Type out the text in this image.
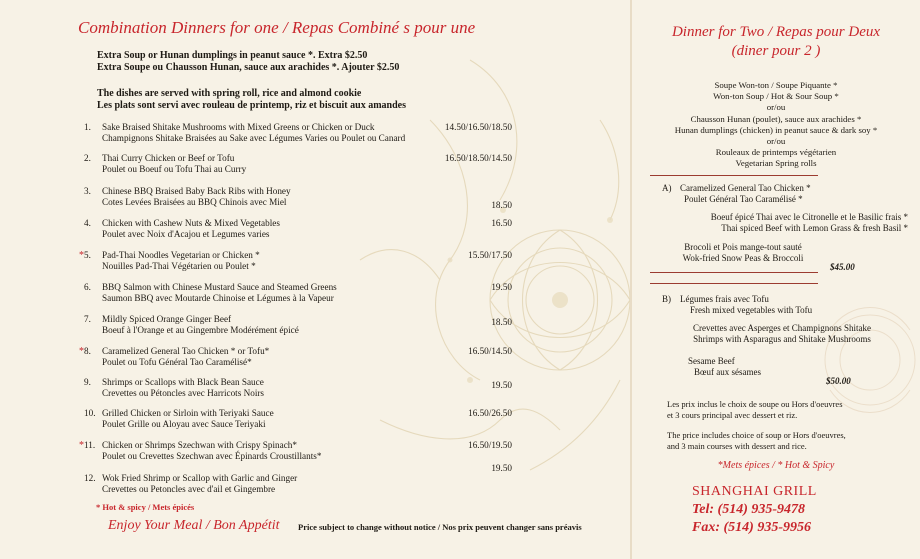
Combination Dinners for one / Repas Combiné s pour une
Extra Soup or Hunan dumplings in peanut sauce *. Extra $2.50
Extra Soupe ou Chausson Hunan, sauce aux arachides *. Ajouter $2.50
The dishes are served with spring roll, rice and almond cookie
Les plats sont servi avec rouleau de printemp, riz et biscuit aux amandes
1. Sake Braised Shitake Mushrooms with Mixed Greens or Chicken or Duck
Champignons Shitake Braisées au Sake avec Légumes Varies ou Poulet ou Canard
14.50/16.50/18.50
2. Thai Curry Chicken or Beef or Tofu
Poulet ou Boeuf ou Tofu Thai au Curry
16.50/18.50/14.50
3. Chinese BBQ Braised Baby Back Ribs with Honey
Cotes Levées Braisées au BBQ Chinois avec Miel	18.50
4. Chicken with Cashew Nuts & Mixed Vegetables
Poulet avec Noix d'Acajou et Legumes varies
16.50
* 5. Pad-Thai Noodles Vegetarian or Chicken *
Nouilles Pad-Thai Végétarien ou Poulet *
15.50/17.50
6. BBQ Salmon with Chinese Mustard Sauce and Steamed Greens
Saumon BBQ avec Moutarde Chinoise et Légumes à la Vapeur
19.50
7. Mildly Spiced Orange Ginger Beef
Boeuf à l'Orange et au Gingembre Modérément épicé
18.50
* 8. Caramelized General Tao Chicken * or Tofu*
Poulet ou Tofu Général Tao Caramélisé*
16.50/14.50
9. Shrimps or Scallops with Black Bean Sauce
Crevettes ou Pétoncles avec Harricots Noirs
19.50
10. Grilled Chicken or Sirloin with Teriyaki Sauce
Poulet Grille ou Aloyau avec Sauce Teriyaki
16.50/26.50
* 11. Chicken or Shrimps Szechwan with Crispy Spinach*
Poulet ou Crevettes Szechwan avec Épinards Croustillants*
16.50/19.50
12. Wok Fried Shrimp or Scallop with Garlic and Ginger
Crevettes ou Petoncles avec d'ail et Gingembre
19.50
* Hot & spicy / Mets épicés
Enjoy Your Meal / Bon Appétit Price subject to change without notice / Nos prix peuvent changer sans préavis
Dinner for Two / Repas pour Deux
(diner pour 2 )
Soupe Won-ton / Soupe Piquante *
Won-ton Soup / Hot & Sour Soup *
or/ou
Chausson Hunan (poulet), sauce aux arachides *
Hunan dumplings (chicken) in peanut sauce & dark soy *
or/ou
Rouleaux de printemps végétarien
Vegetarian Spring rolls
A) Caramelized General Tao Chicken *
Poulet Général Tao Caramélisé *
Boeuf épicé Thai avec le Citronelle et le Basilic frais *
Thai spiced Beef with Lemon Grass & fresh Basil *
Brocoli et Pois mange-tout sauté
Wok-fried Snow Peas & Broccoli
$45.00
B) Légumes frais avec Tofu
Fresh mixed vegetables with Tofu
Crevettes avec Asperges et Champignons Shitake
Shrimps with Asparagus and Shitake Mushrooms
Sesame Beef
Bœuf aux sésames
$50.00
Les prix inclus le choix de soupe ou Hors d'oeuvres
et 3 cours principal avec dessert et riz.
The price includes choice of soup or Hors d'oeuvres,
and 3 main courses with dessert and rice.
*Mets épices / * Hot & Spicy
SHANGHAI GRILL
Tel: (514) 935-9478
Fax: (514) 935-9956
